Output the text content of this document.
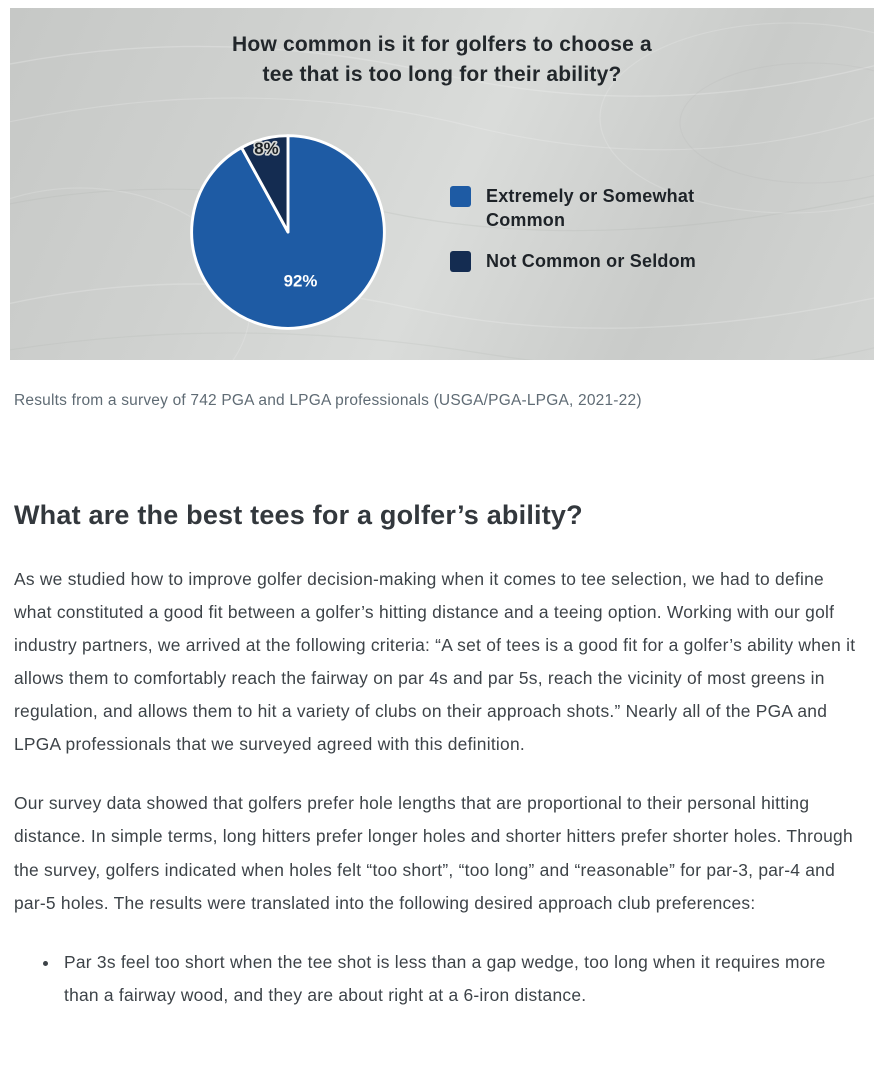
How common is it for golfers to choose a
tee that is too long for their ability?
92%
8%
Extremely or Somewhat Common
Not Common or Seldom

Results from a survey of 742 PGA and LPGA professionals (USGA/PGA-LPGA, 2021-22)

What are the best tees for a golfer’s ability?

As we studied how to improve golfer decision-making when it comes to tee selection, we had to define what constituted a good fit between a golfer’s hitting distance and a teeing option. Working with our golf industry partners, we arrived at the following criteria: “A set of tees is a good fit for a golfer’s ability when it allows them to comfortably reach the fairway on par 4s and par 5s, reach the vicinity of most greens in regulation, and allows them to hit a variety of clubs on their approach shots.” Nearly all of the PGA and LPGA professionals that we surveyed agreed with this definition.

Our survey data showed that golfers prefer hole lengths that are proportional to their personal hitting distance. In simple terms, long hitters prefer longer holes and shorter hitters prefer shorter holes. Through the survey, golfers indicated when holes felt “too short”, “too long” and “reasonable” for par-3, par-4 and par-5 holes. The results were translated into the following desired approach club preferences:

• Par 3s feel too short when the tee shot is less than a gap wedge, too long when it requires more than a fairway wood, and they are about right at a 6-iron distance.
